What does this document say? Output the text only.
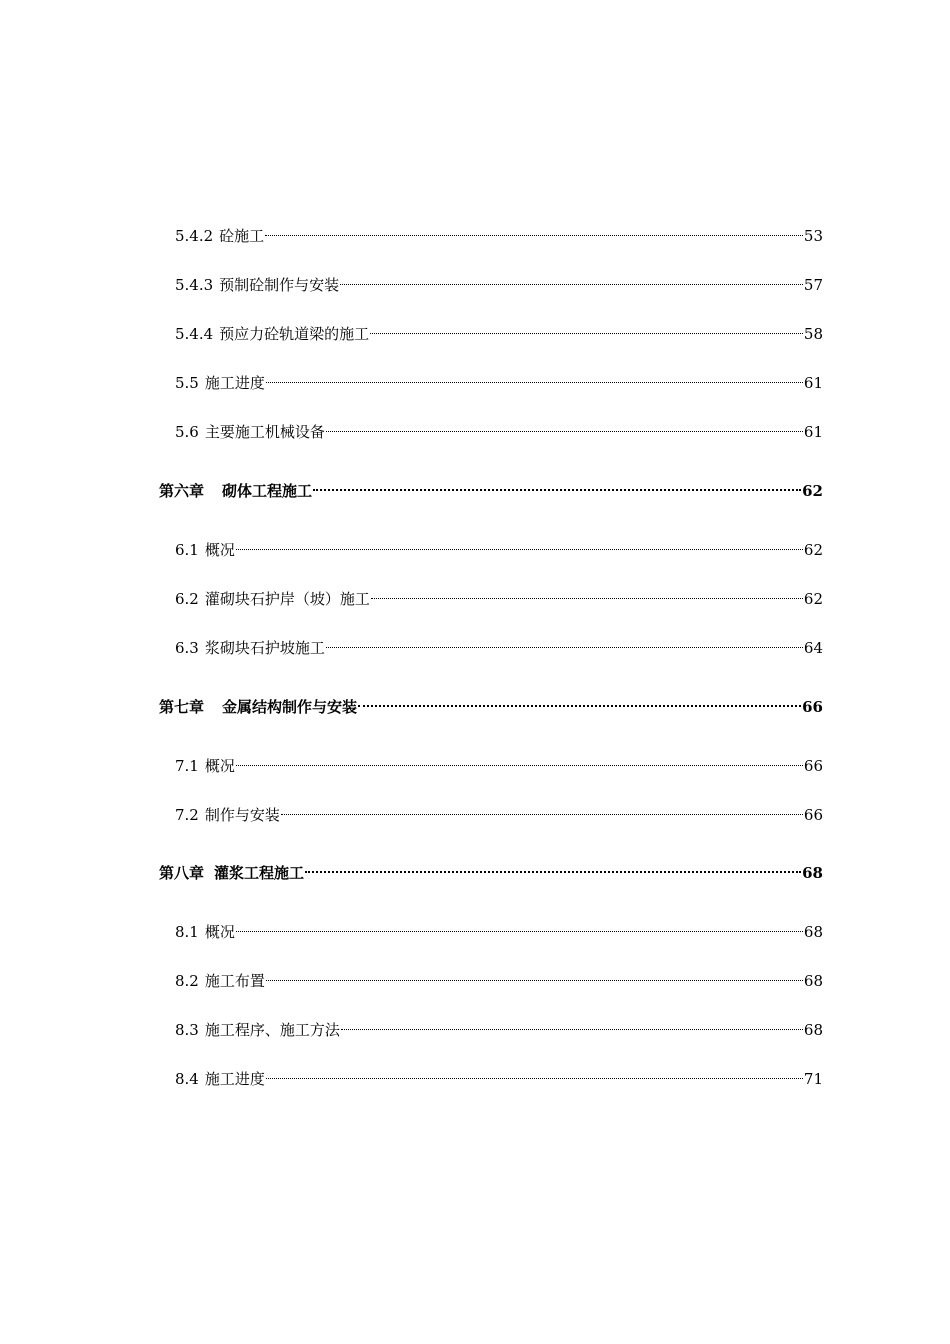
5.4.2 砼施工	53
5.4.3 预制砼制作与安装	57
5.4.4 预应力砼轨道梁的施工	58
5.5 施工进度	61
5.6 主要施工机械设备	61
第六章 砌体工程施工	62
6.1 概况	62
6.2 灌砌块石护岸（坡）施工	62
6.3 浆砌块石护坡施工	64
第七章 金属结构制作与安装	66
7.1 概况	66
7.2 制作与安装	66
第八章 灌浆工程施工	68
8.1 概况	68
8.2 施工布置	68
8.3 施工程序、施工方法	68
8.4 施工进度	71
